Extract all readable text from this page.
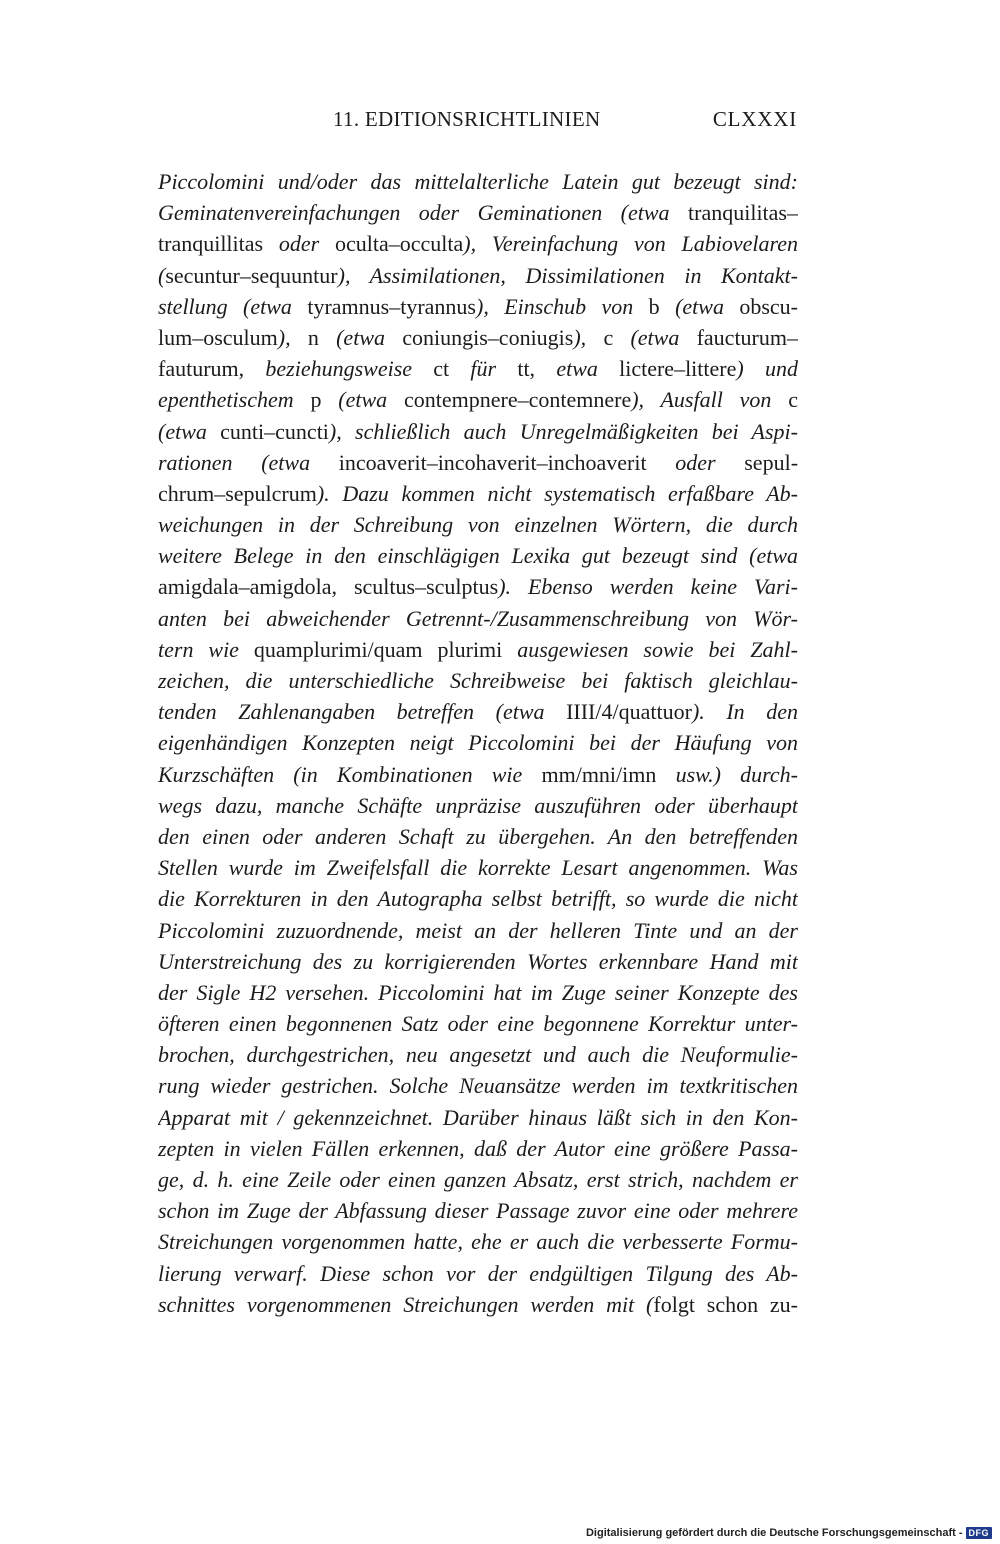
11. EDITIONSRICHTLINIEN	CLXXXI
Piccolomini und/oder das mittelalterliche Latein gut bezeugt sind:
Geminatenvereinfachungen oder Geminationen (etwa tranquilitas–
tranquillitas oder oculta–occulta), Vereinfachung von Labiovelaren
(secuntur–sequuntur), Assimilationen, Dissimilationen in Kontakt-
stellung (etwa tyramnus–tyrannus), Einschub von b (etwa obscu-
lum–osculum), n (etwa coniungis–coniugis), c (etwa faucturum–
fauturum, beziehungsweise ct für tt, etwa lictere–littere) und
epenthetischem p (etwa contempnere–contemnere), Ausfall von c
(etwa cunti–cuncti), schließlich auch Unregelmäßigkeiten bei Aspi-
rationen (etwa incoaverit–incohaverit–inchoaverit oder sepul-
chrum–sepulcrum). Dazu kommen nicht systematisch erfaßbare Ab-
weichungen in der Schreibung von einzelnen Wörtern, die durch
weitere Belege in den einschlägigen Lexika gut bezeugt sind (etwa
amigdala–amigdola, scultus–sculptus). Ebenso werden keine Vari-
anten bei abweichender Getrennt-/Zusammenschreibung von Wör-
tern wie quamplurimi/quam plurimi ausgewiesen sowie bei Zahl-
zeichen, die unterschiedliche Schreibweise bei faktisch gleichlau-
tenden Zahlenangaben betreffen (etwa IIII/4/quattuor). In den
eigenhändigen Konzepten neigt Piccolomini bei der Häufung von
Kurzschäften (in Kombinationen wie mm/mni/imn usw.) durch-
wegs dazu, manche Schäfte unpräzise auszuführen oder überhaupt
den einen oder anderen Schaft zu übergehen. An den betreffenden
Stellen wurde im Zweifelsfall die korrekte Lesart angenommen. Was
die Korrekturen in den Autographa selbst betrifft, so wurde die nicht
Piccolomini zuzuordnende, meist an der helleren Tinte und an der
Unterstreichung des zu korrigierenden Wortes erkennbare Hand mit
der Sigle H2 versehen. Piccolomini hat im Zuge seiner Konzepte des
öfteren einen begonnenen Satz oder eine begonnene Korrektur unter-
brochen, durchgestrichen, neu angesetzt und auch die Neuformulie-
rung wieder gestrichen. Solche Neuansätze werden im textkritischen
Apparat mit / gekennzeichnet. Darüber hinaus läßt sich in den Kon-
zepten in vielen Fällen erkennen, daß der Autor eine größere Passa-
ge, d. h. eine Zeile oder einen ganzen Absatz, erst strich, nachdem er
schon im Zuge der Abfassung dieser Passage zuvor eine oder mehrere
Streichungen vorgenommen hatte, ehe er auch die verbesserte Formu-
lierung verwarf. Diese schon vor der endgültigen Tilgung des Ab-
schnittes vorgenommenen Streichungen werden mit (folgt schon zu-
Digitalisierung gefördert durch die Deutsche Forschungsgemeinschaft - DFG
